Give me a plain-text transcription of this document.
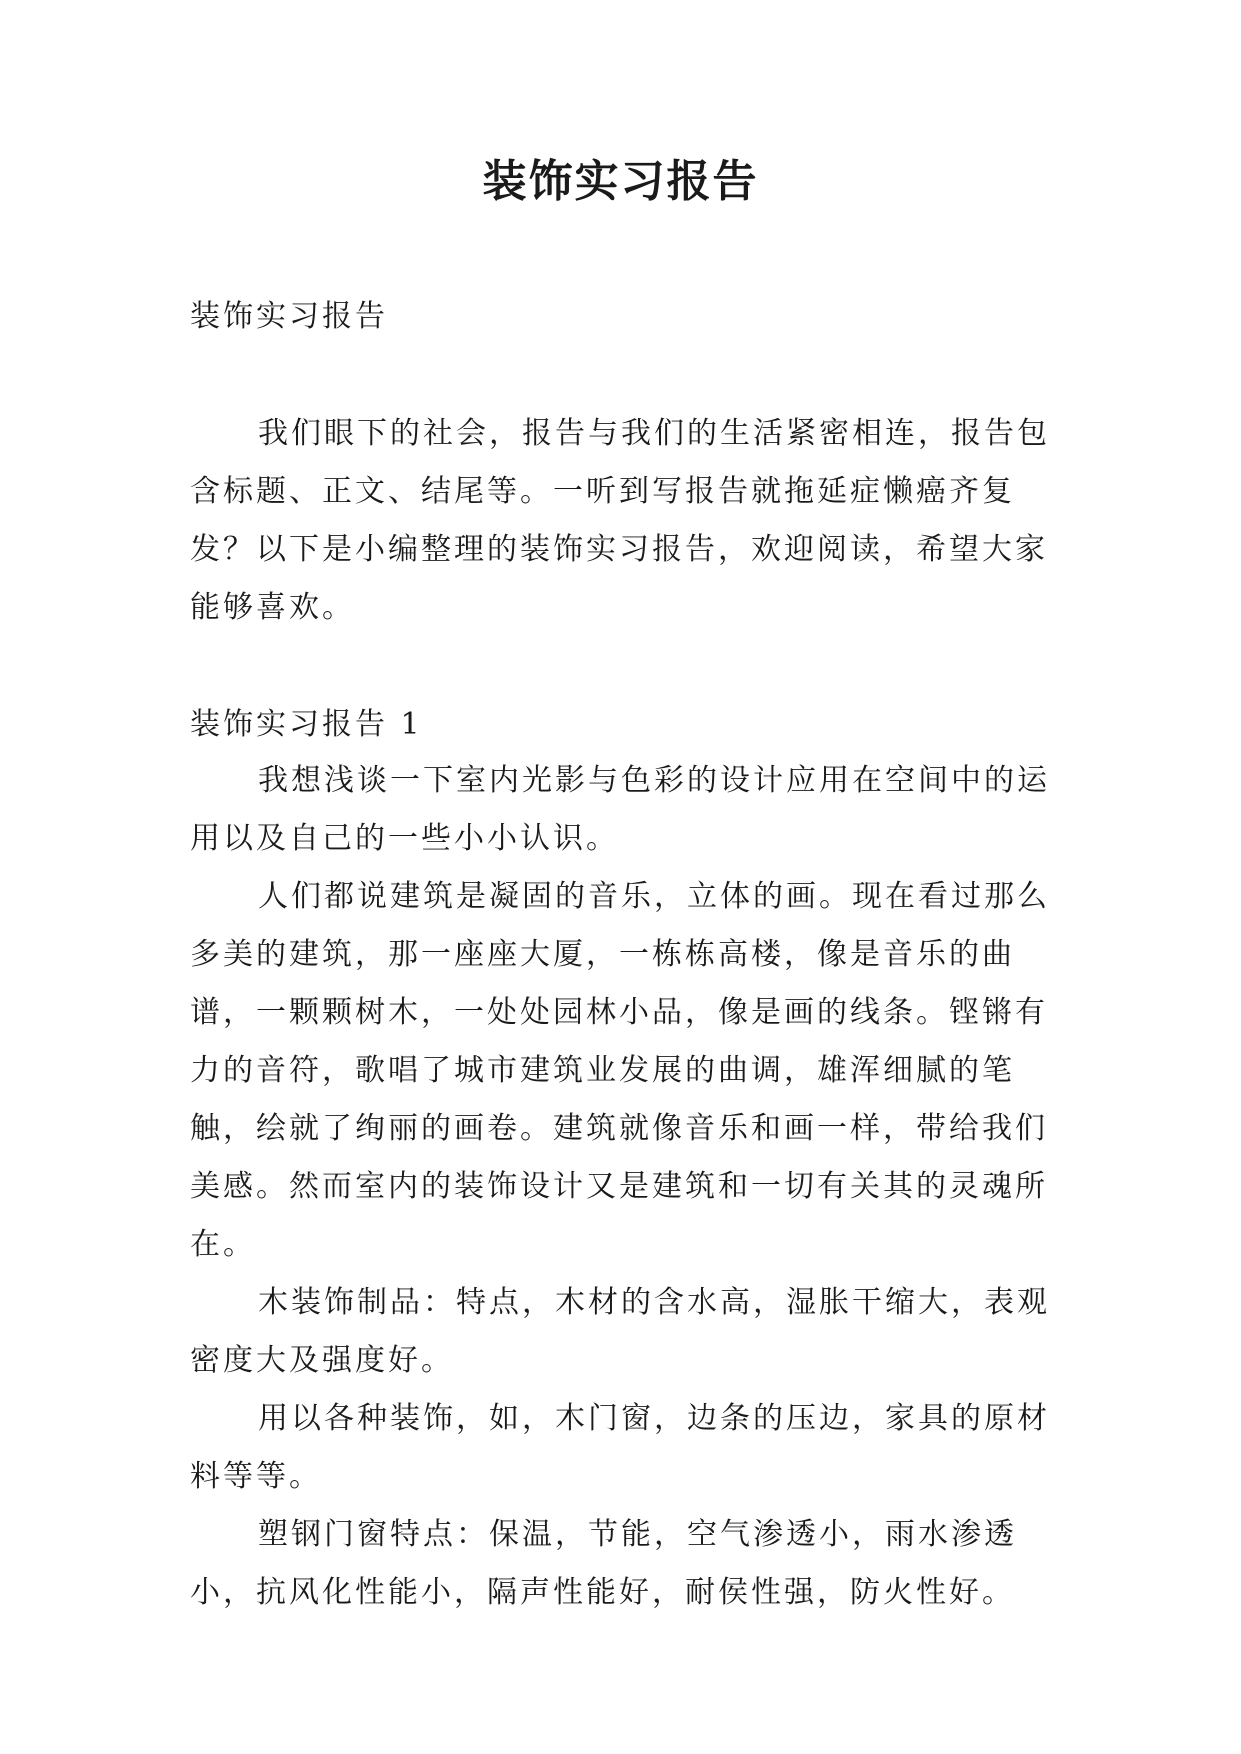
装饰实习报告

装饰实习报告

我们眼下的社会，报告与我们的生活紧密相连，报告包含标题、正文、结尾等。一听到写报告就拖延症懒癌齐复发？以下是小编整理的装饰实习报告，欢迎阅读，希望大家能够喜欢。

装饰实习报告 1

我想浅谈一下室内光影与色彩的设计应用在空间中的运用以及自己的一些小小认识。

人们都说建筑是凝固的音乐，立体的画。现在看过那么多美的建筑，那一座座大厦，一栋栋高楼，像是音乐的曲谱，一颗颗树木，一处处园林小品，像是画的线条。铿锵有力的音符，歌唱了城市建筑业发展的曲调，雄浑细腻的笔触，绘就了绚丽的画卷。建筑就像音乐和画一样，带给我们美感。然而室内的装饰设计又是建筑和一切有关其的灵魂所在。

木装饰制品：特点，木材的含水高，湿胀干缩大，表观密度大及强度好。

用以各种装饰，如，木门窗，边条的压边，家具的原材料等等。

塑钢门窗特点：保温，节能，空气渗透小，雨水渗透小，抗风化性能小，隔声性能好，耐侯性强，防火性好。
